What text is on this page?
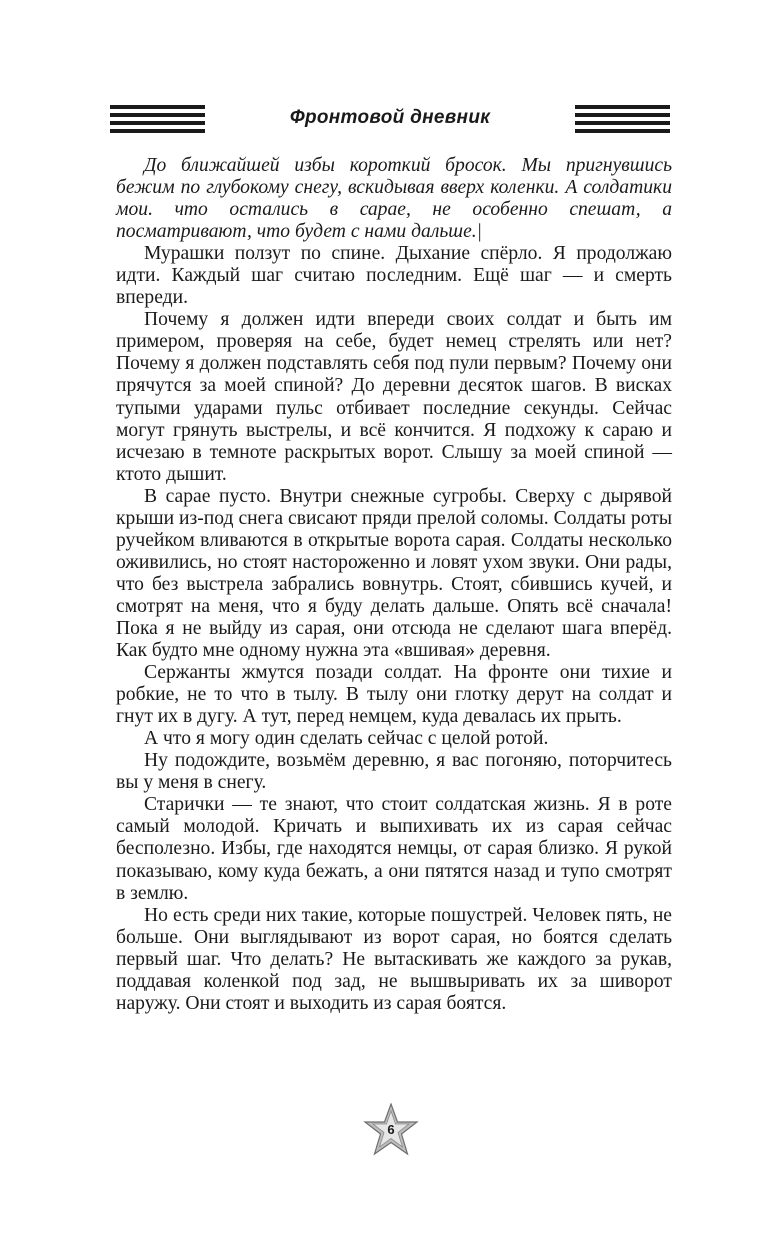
Фронтовой дневник

До ближайшей избы короткий бросок. Мы пригнувшись бежим по глубокому снегу, вскидывая вверх коленки. А солдатики мои. что остались в сарае, не особенно спешат, а посматривают, что будет с нами дальше.|

Мурашки ползут по спине. Дыхание спёрло. Я продолжаю идти. Каждый шаг считаю последним. Ещё шаг — и смерть впереди.

Почему я должен идти впереди своих солдат и быть им примером, проверяя на себе, будет немец стрелять или нет? Почему я должен подставлять себя под пули первым? Почему они прячутся за моей спиной? До деревни десяток шагов. В висках тупыми ударами пульс отбивает последние секунды. Сейчас могут грянуть выстрелы, и всё кончится. Я подхожу к сараю и исчезаю в темноте раскрытых ворот. Слышу за моей спиной — ктото дышит.

В сарае пусто. Внутри снежные сугробы. Сверху с дырявой крыши из-под снега свисают пряди прелой соломы. Солдаты роты ручейком вливаются в открытые ворота сарая. Солдаты несколько оживились, но стоят настороженно и ловят ухом звуки. Они рады, что без выстрела забрались вовнутрь. Стоят, сбившись кучей, и смотрят на меня, что я буду делать дальше. Опять всё сначала! Пока я не выйду из сарая, они отсюда не сделают шага вперёд. Как будто мне одному нужна эта «вшивая» деревня.

Сержанты жмутся позади солдат. На фронте они тихие и робкие, не то что в тылу. В тылу они глотку дерут на солдат и гнут их в дугу. А тут, перед немцем, куда девалась их прыть.

А что я могу один сделать сейчас с целой ротой.

Ну подождите, возьмём деревню, я вас погоняю, поторчитесь вы у меня в снегу.

Старички — те знают, что стоит солдатская жизнь. Я в роте самый молодой. Кричать и выпихивать их из сарая сейчас бесполезно. Избы, где находятся немцы, от сарая близко. Я рукой показываю, кому куда бежать, а они пятятся назад и тупо смотрят в землю.

Но есть среди них такие, которые пошустрей. Человек пять, не больше. Они выглядывают из ворот сарая, но боятся сделать первый шаг. Что делать? Не вытаскивать же каждого за рукав, поддавая коленкой под зад, не вышвыривать их за шиворот наружу. Они стоят и выходить из сарая боятся.

6
